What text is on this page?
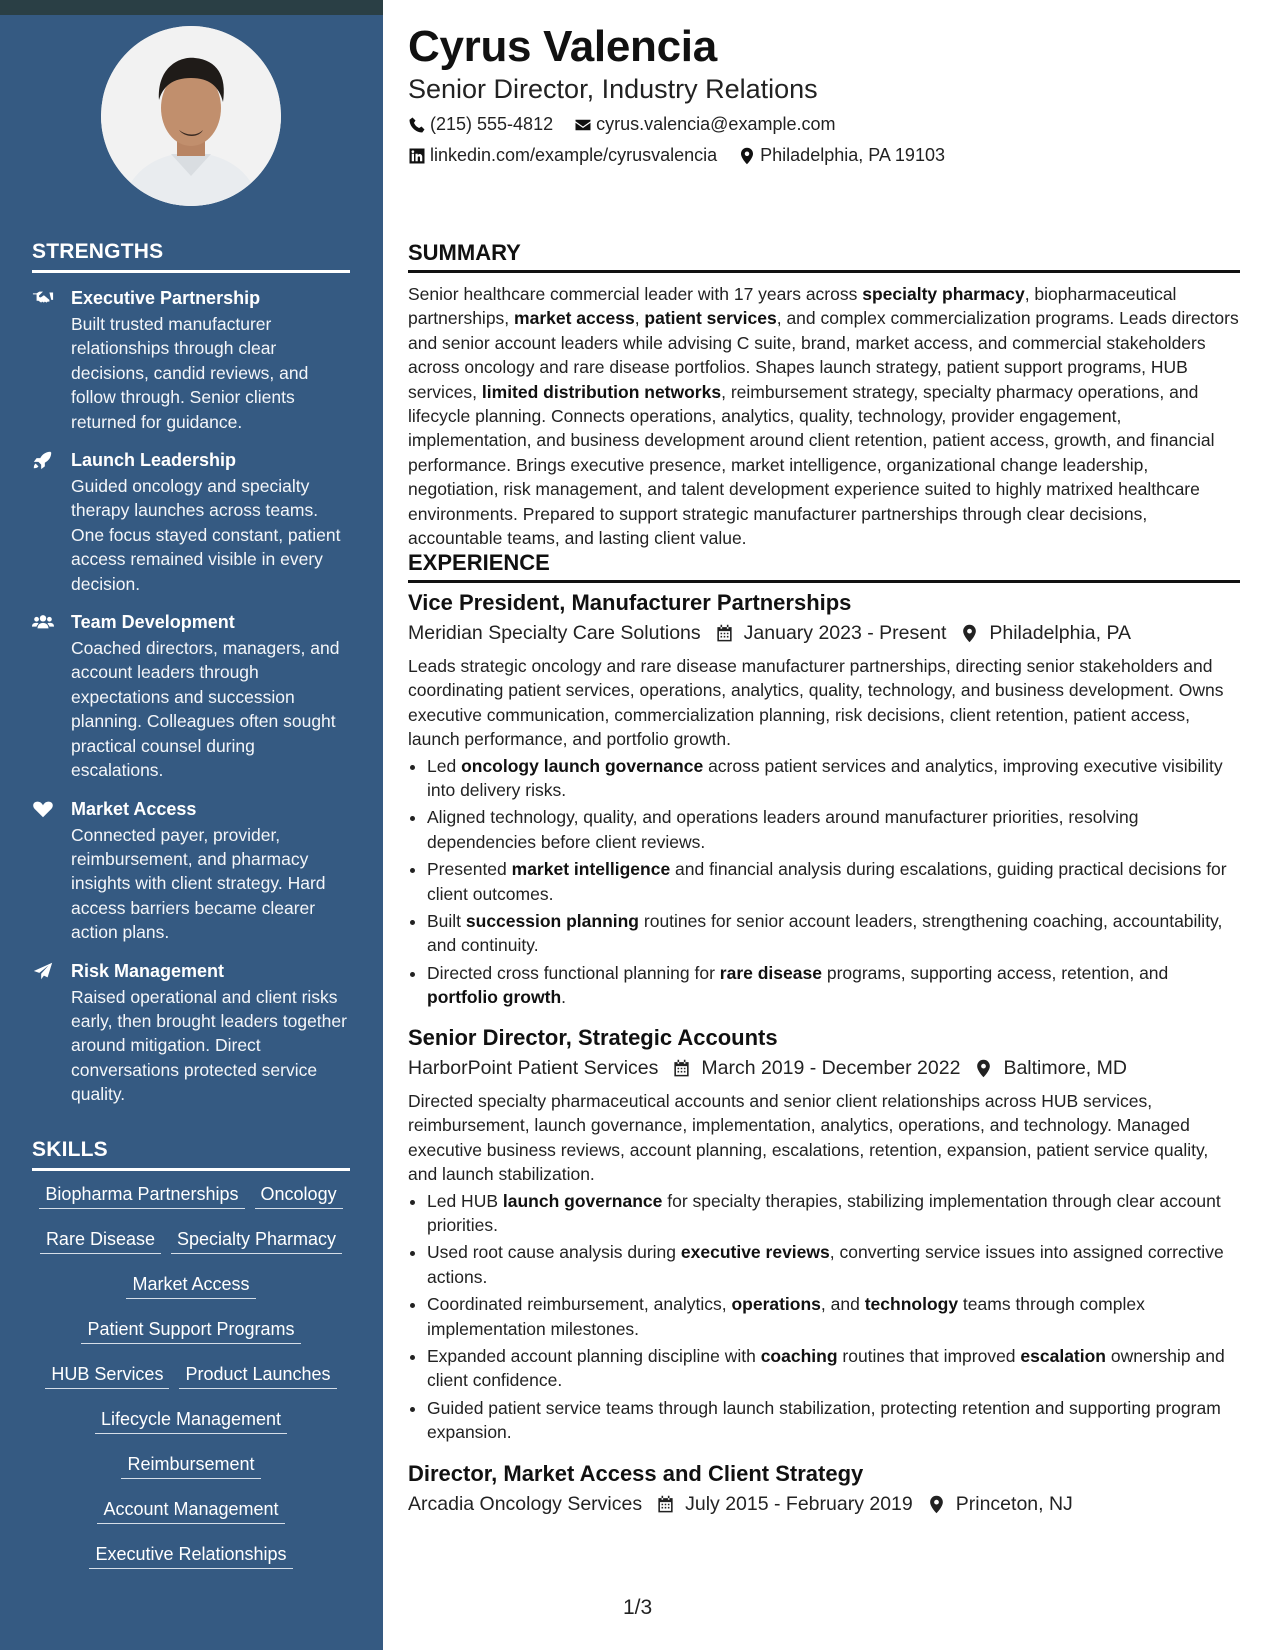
STRENGTHS
Executive Partnership
Built trusted manufacturer relationships through clear decisions, candid reviews, and follow through. Senior clients returned for guidance.
Launch Leadership
Guided oncology and specialty therapy launches across teams. One focus stayed constant, patient access remained visible in every decision.
Team Development
Coached directors, managers, and account leaders through expectations and succession planning. Colleagues often sought practical counsel during escalations.
Market Access
Connected payer, provider, reimbursement, and pharmacy insights with client strategy. Hard access barriers became clearer action plans.
Risk Management
Raised operational and client risks early, then brought leaders together around mitigation. Direct conversations protected service quality.
SKILLS
Biopharma Partnerships Oncology
Rare Disease Specialty Pharmacy
Market Access
Patient Support Programs
HUB Services Product Launches
Lifecycle Management
Reimbursement
Account Management
Executive Relationships
Cyrus Valencia
Senior Director, Industry Relations
(215) 555-4812
cyrus.valencia@example.com
linkedin.com/example/cyrusvalencia
Philadelphia, PA 19103
SUMMARY
Senior healthcare commercial leader with 17 years across specialty pharmacy, biopharmaceutical partnerships, market access, patient services, and complex commercialization programs. Leads directors and senior account leaders while advising C suite, brand, market access, and commercial stakeholders across oncology and rare disease portfolios. Shapes launch strategy, patient support programs, HUB services, limited distribution networks, reimbursement strategy, specialty pharmacy operations, and lifecycle planning. Connects operations, analytics, quality, technology, provider engagement, implementation, and business development around client retention, patient access, growth, and financial performance. Brings executive presence, market intelligence, organizational change leadership, negotiation, risk management, and talent development experience suited to highly matrixed healthcare environments. Prepared to support strategic manufacturer partnerships through clear decisions, accountable teams, and lasting client value.
EXPERIENCE
Vice President, Manufacturer Partnerships
Meridian Specialty Care Solutions January 2023 - Present Philadelphia, PA
Leads strategic oncology and rare disease manufacturer partnerships, directing senior stakeholders and coordinating patient services, operations, analytics, quality, technology, and business development. Owns executive communication, commercialization planning, risk decisions, client retention, patient access, launch performance, and portfolio growth.
• Led oncology launch governance across patient services and analytics, improving executive visibility into delivery risks.
• Aligned technology, quality, and operations leaders around manufacturer priorities, resolving dependencies before client reviews.
• Presented market intelligence and financial analysis during escalations, guiding practical decisions for client outcomes.
• Built succession planning routines for senior account leaders, strengthening coaching, accountability, and continuity.
• Directed cross functional planning for rare disease programs, supporting access, retention, and portfolio growth.
Senior Director, Strategic Accounts
HarborPoint Patient Services March 2019 - December 2022 Baltimore, MD
Directed specialty pharmaceutical accounts and senior client relationships across HUB services, reimbursement, launch governance, implementation, analytics, operations, and technology. Managed executive business reviews, account planning, escalations, retention, expansion, patient service quality, and launch stabilization.
• Led HUB launch governance for specialty therapies, stabilizing implementation through clear account priorities.
• Used root cause analysis during executive reviews, converting service issues into assigned corrective actions.
• Coordinated reimbursement, analytics, operations, and technology teams through complex implementation milestones.
• Expanded account planning discipline with coaching routines that improved escalation ownership and client confidence.
• Guided patient service teams through launch stabilization, protecting retention and supporting program expansion.
Director, Market Access and Client Strategy
Arcadia Oncology Services July 2015 - February 2019 Princeton, NJ
1/3
